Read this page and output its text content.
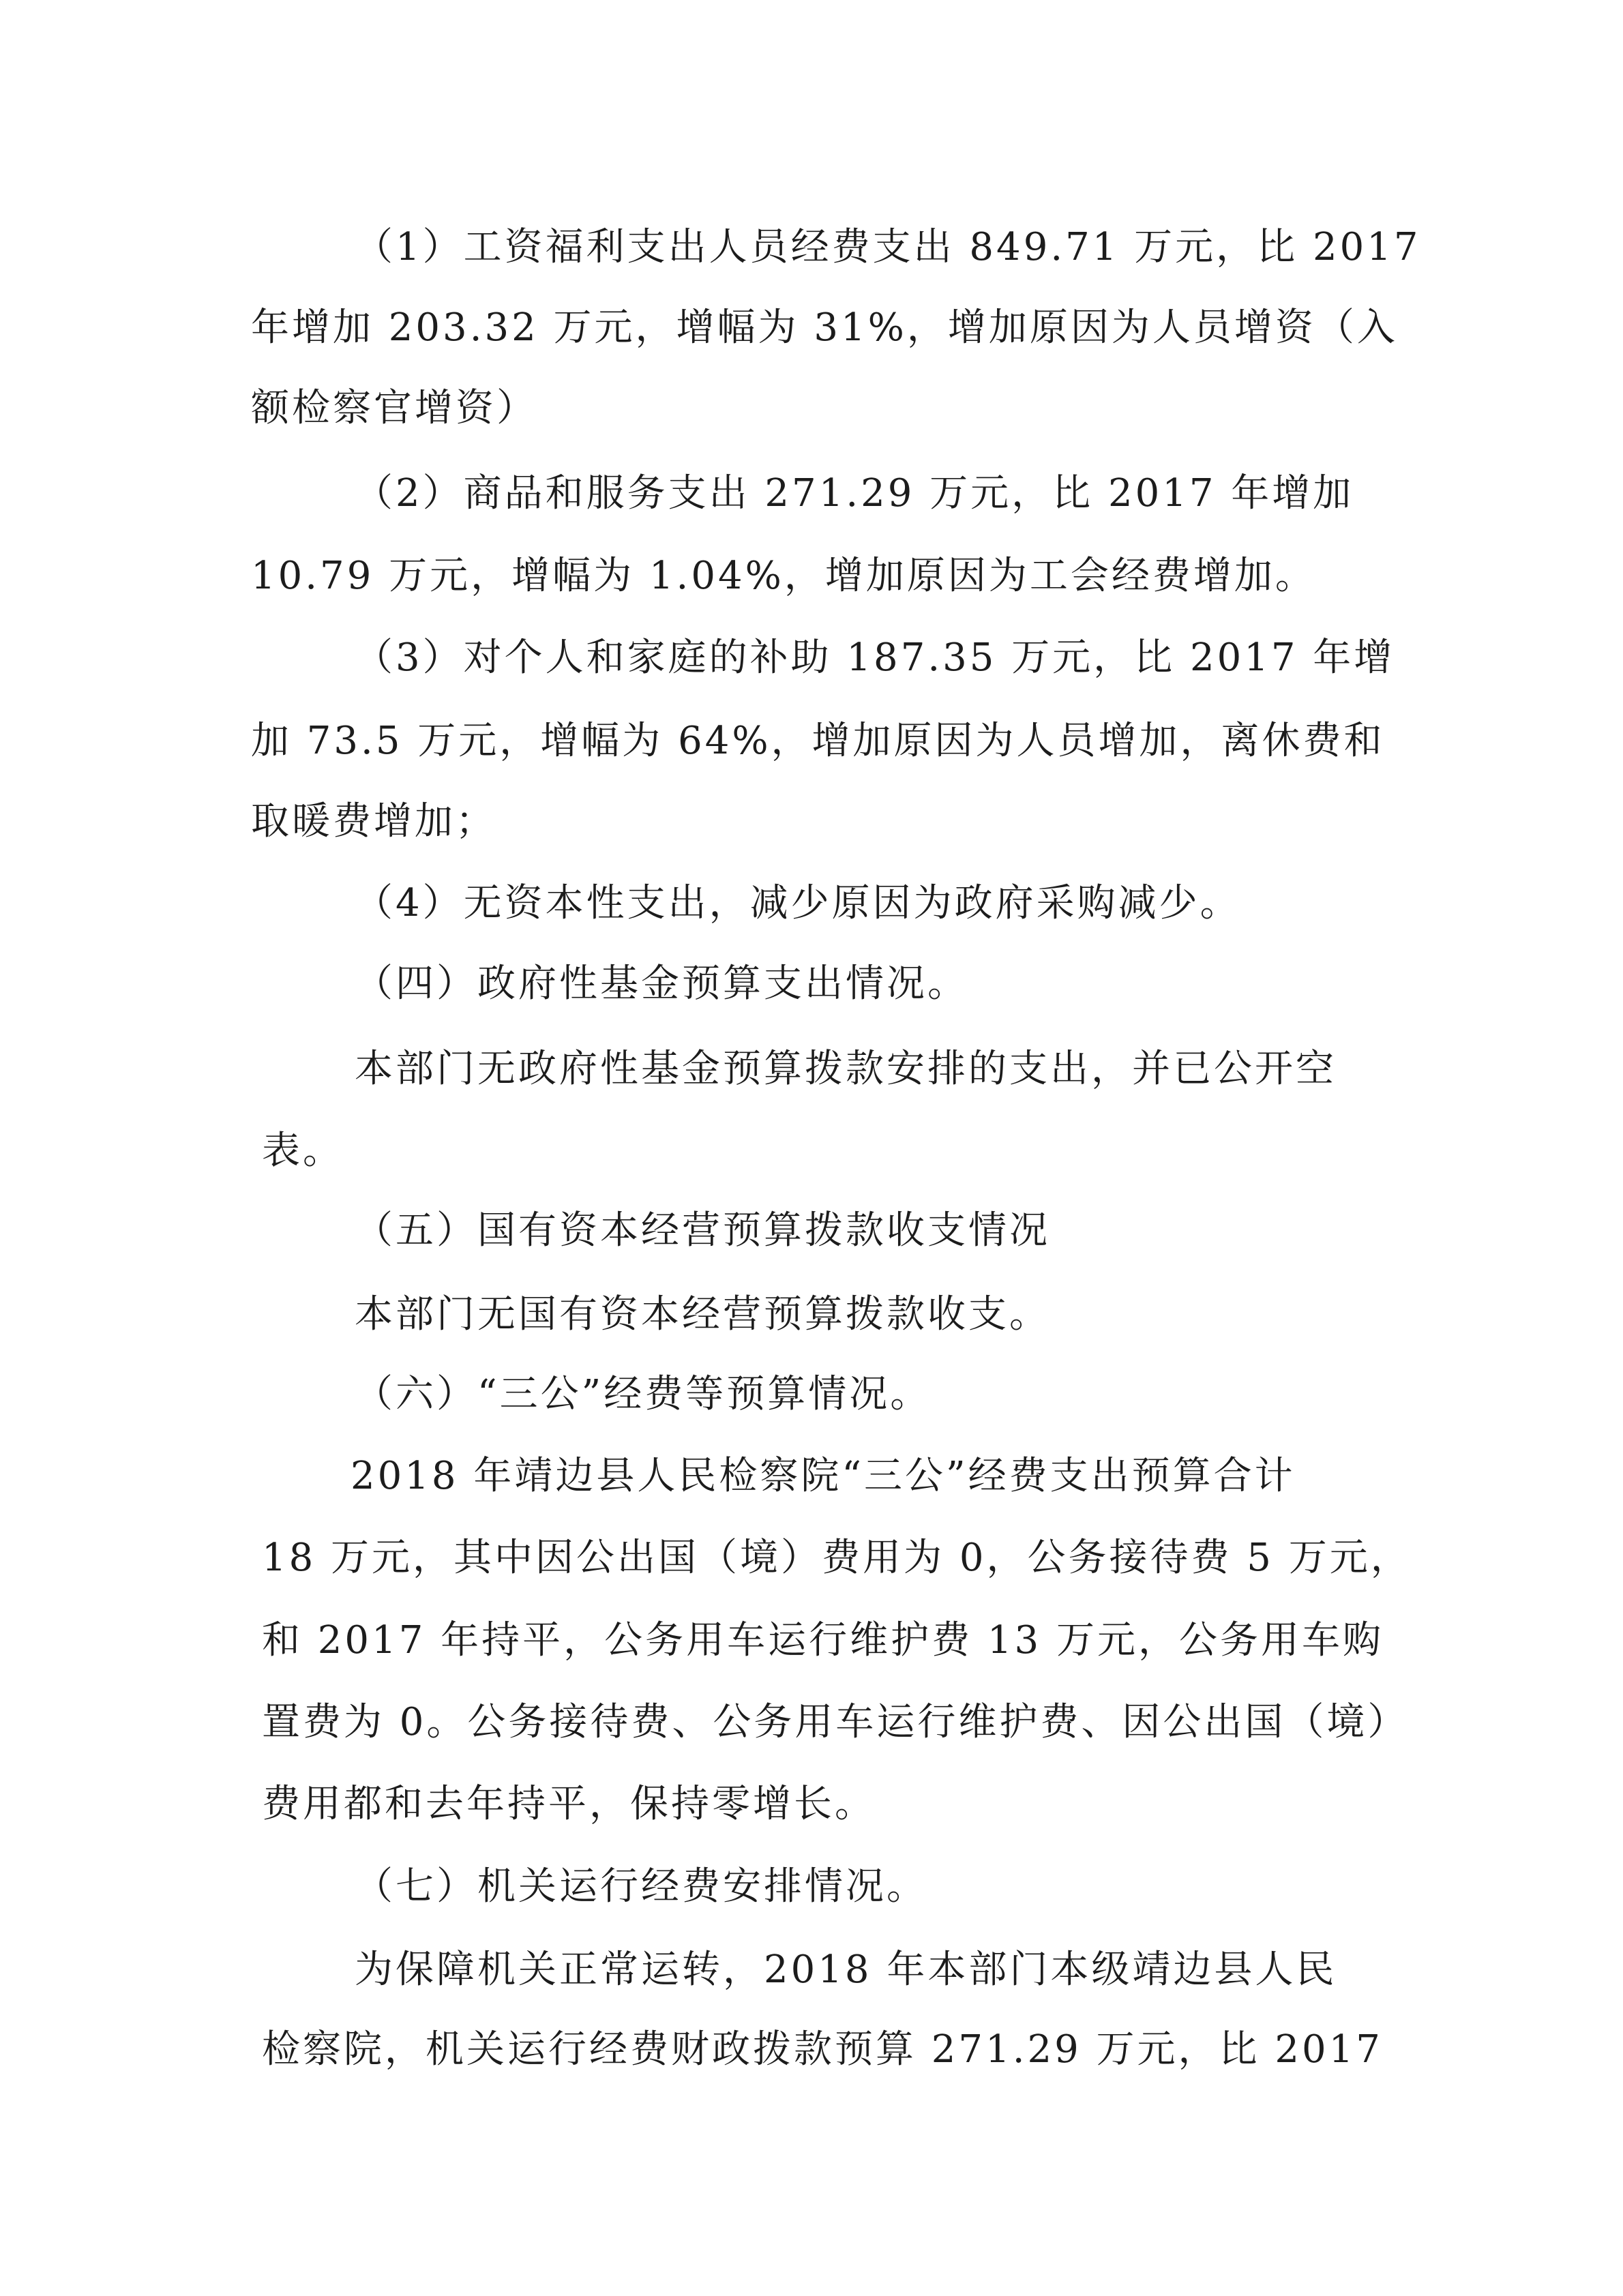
（1）工资福利支出人员经费支出 849.71 万元，比 2017
年增加 203.32 万元，增幅为 31%，增加原因为人员增资（入
额检察官增资）
（2）商品和服务支出 271.29 万元，比 2017 年增加
10.79 万元，增幅为 1.04%，增加原因为工会经费增加。
（3）对个人和家庭的补助 187.35 万元，比 2017 年增
加 73.5 万元，增幅为 64%，增加原因为人员增加，离休费和
取暖费增加；
（4）无资本性支出，减少原因为政府采购减少。
（四）政府性基金预算支出情况。
本部门无政府性基金预算拨款安排的支出，并已公开空
表。
（五）国有资本经营预算拨款收支情况
本部门无国有资本经营预算拨款收支。
（六）“三公”经费等预算情况。
2018 年靖边县人民检察院“三公”经费支出预算合计
18 万元，其中因公出国（境）费用为 0，公务接待费 5 万元，
和 2017 年持平，公务用车运行维护费 13 万元，公务用车购
置费为 0。公务接待费、公务用车运行维护费、因公出国（境）
费用都和去年持平，保持零增长。
（七）机关运行经费安排情况。
为保障机关正常运转，2018 年本部门本级靖边县人民
检察院，机关运行经费财政拨款预算 271.29 万元，比 2017
